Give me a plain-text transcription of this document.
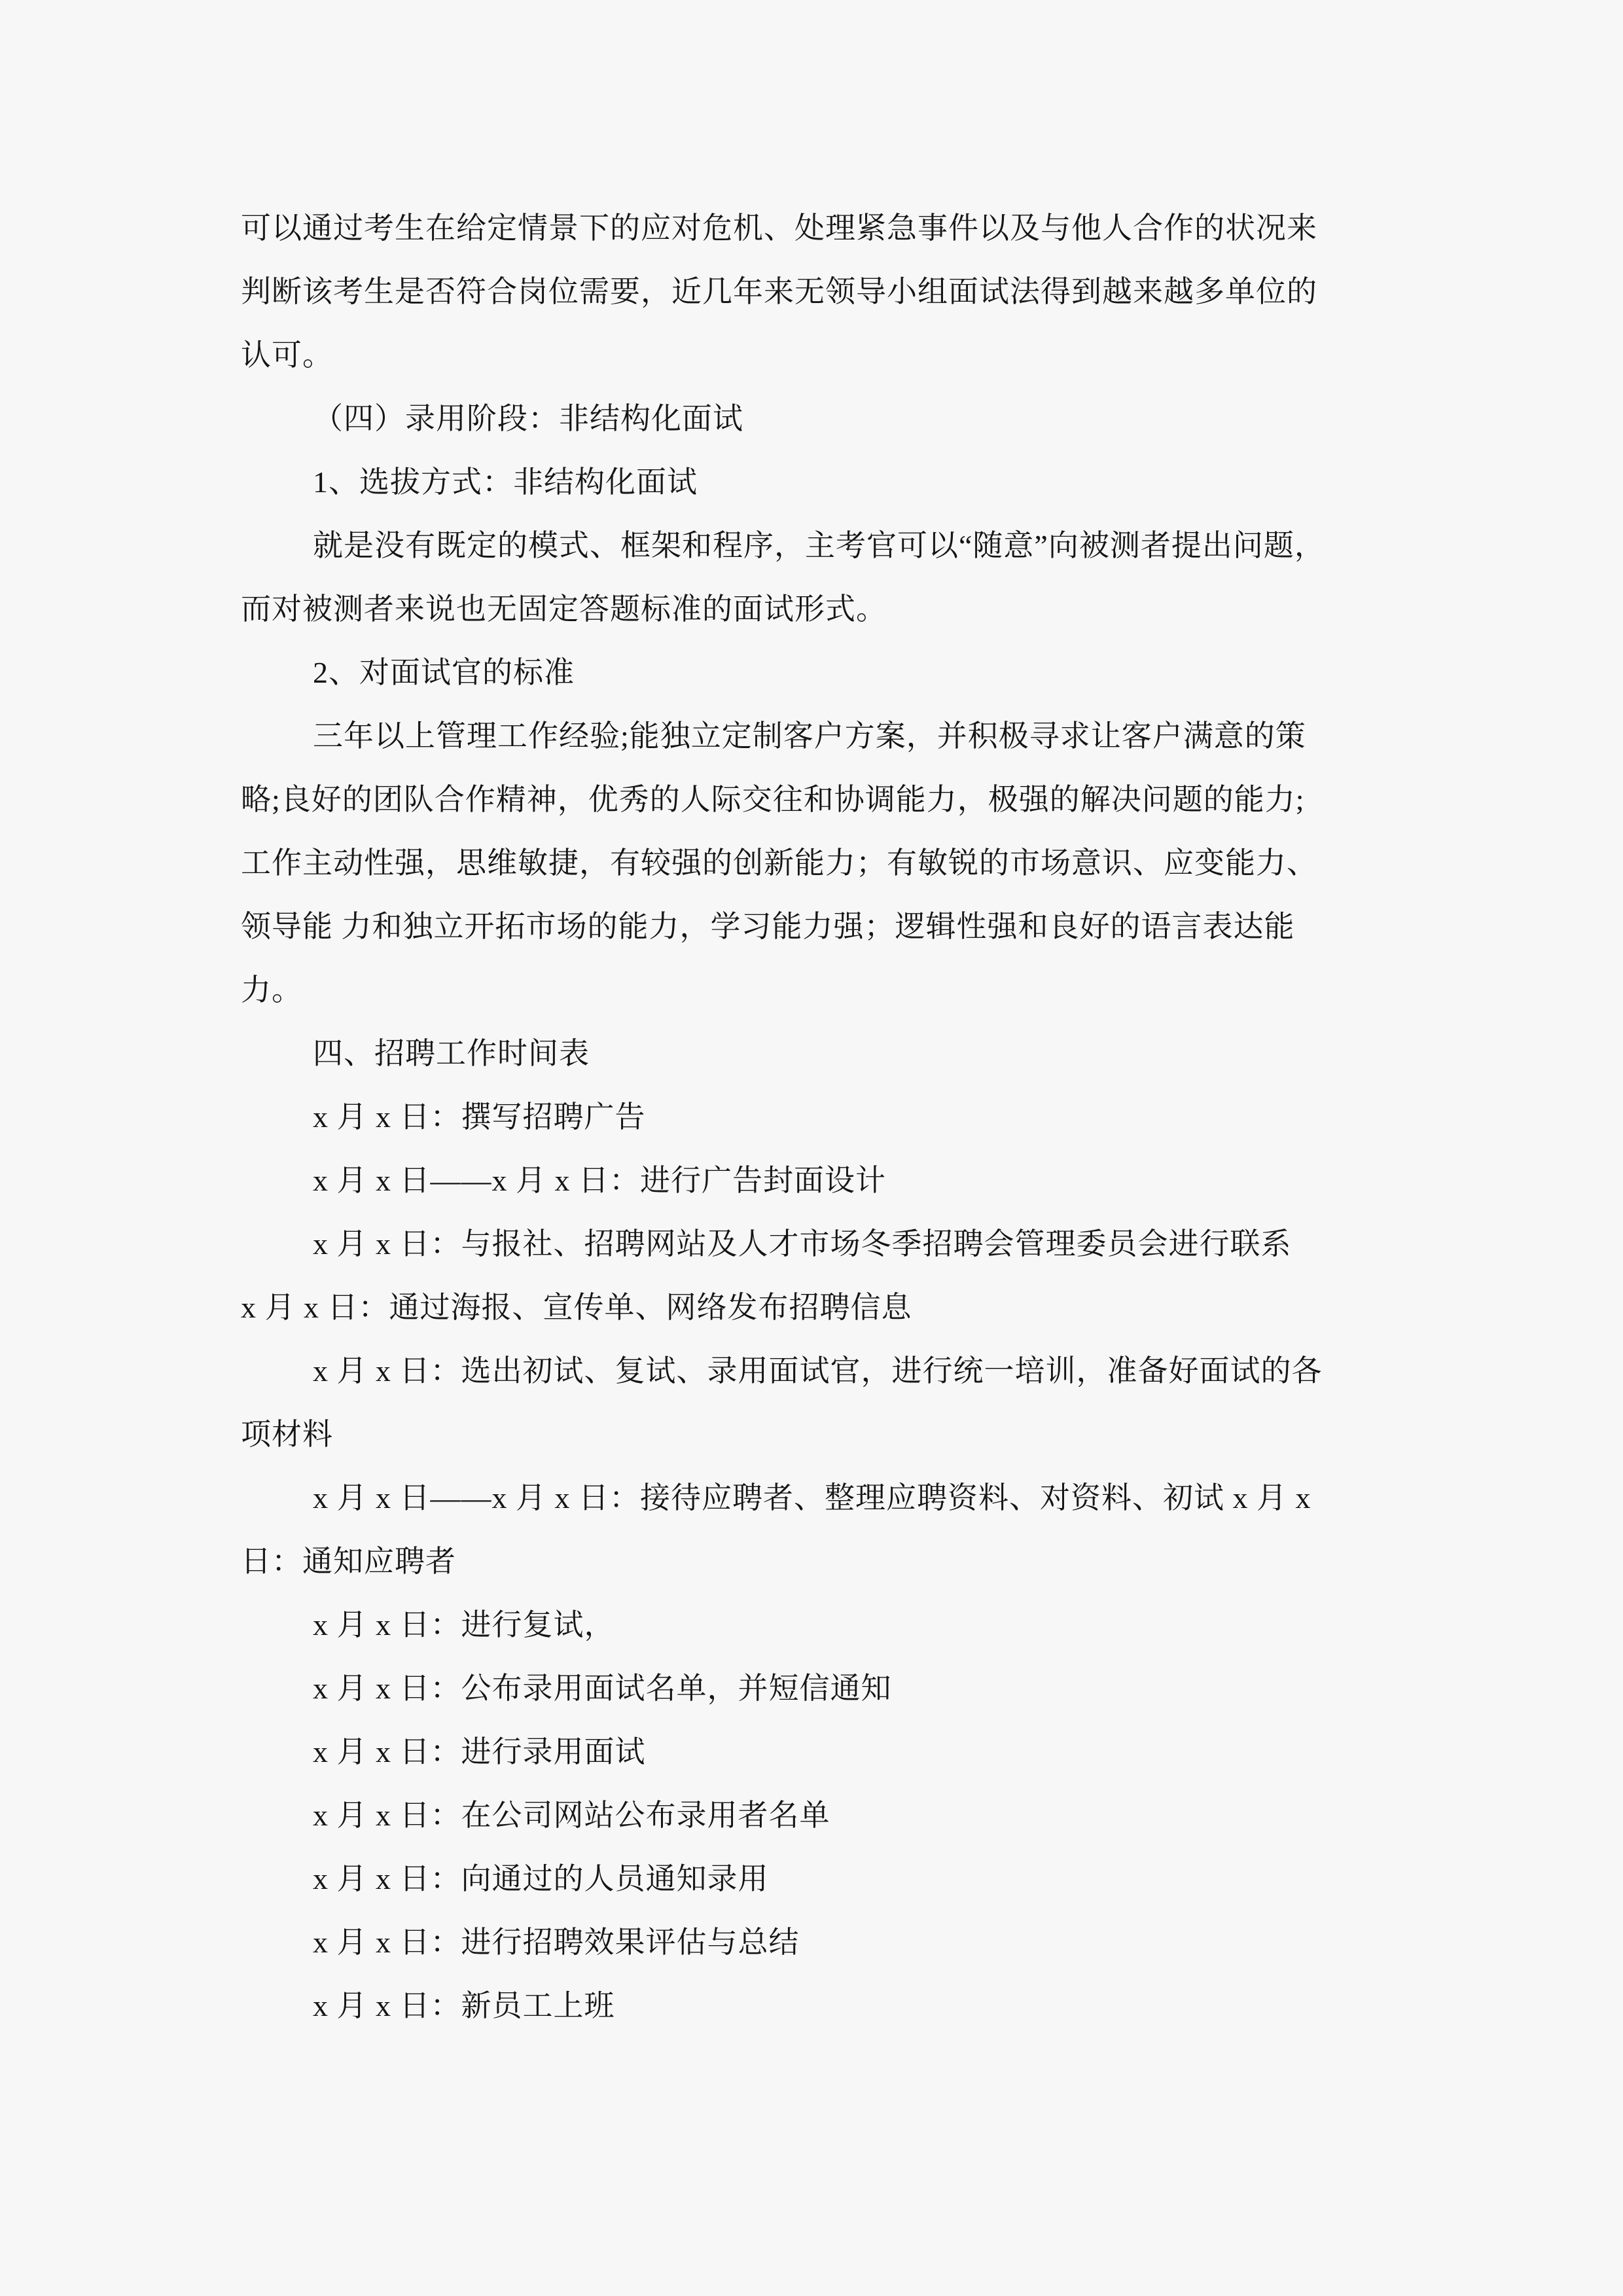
可以通过考生在给定情景下的应对危机、处理紧急事件以及与他人合作的状况来
判断该考生是否符合岗位需要，近几年来无领导小组面试法得到越来越多单位的
认可。
（四）录用阶段：非结构化面试
1、选拔方式：非结构化面试
就是没有既定的模式、框架和程序，主考官可以“随意”向被测者提出问题，
而对被测者来说也无固定答题标准的面试形式。
2、对面试官的标准
三年以上管理工作经验;能独立定制客户方案，并积极寻求让客户满意的策
略;良好的团队合作精神，优秀的人际交往和协调能力，极强的解决问题的能力;
工作主动性强，思维敏捷，有较强的创新能力；有敏锐的市场意识、应变能力、
领导能 力和独立开拓市场的能力，学习能力强；逻辑性强和良好的语言表达能
力。
四、招聘工作时间表
x 月 x 日：撰写招聘广告
x 月 x 日——x 月 x 日：进行广告封面设计
x 月 x 日：与报社、招聘网站及人才市场冬季招聘会管理委员会进行联系
x 月 x 日：通过海报、宣传单、网络发布招聘信息
x 月 x 日：选出初试、复试、录用面试官，进行统一培训，准备好面试的各
项材料
x 月 x 日——x 月 x 日：接待应聘者、整理应聘资料、对资料、初试 x 月 x
日：通知应聘者
x 月 x 日：进行复试，
x 月 x 日：公布录用面试名单，并短信通知
x 月 x 日：进行录用面试
x 月 x 日：在公司网站公布录用者名单
x 月 x 日：向通过的人员通知录用
x 月 x 日：进行招聘效果评估与总结
x 月 x 日：新员工上班
